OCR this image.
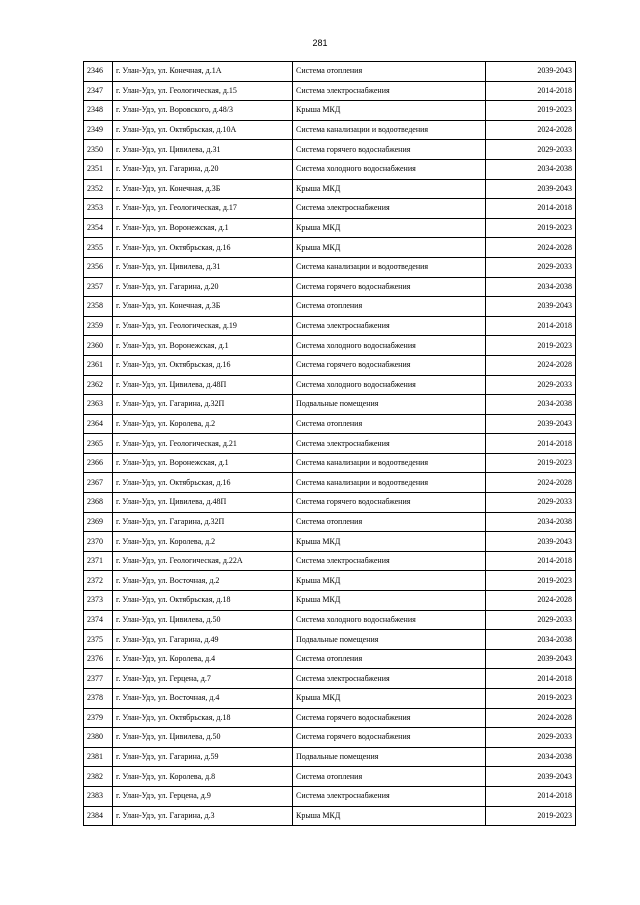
281
2346	г. Улан-Удэ, ул. Конечная, д.1А	Система отопления	2039-2043
2347	г. Улан-Удэ, ул. Геологическая, д.15	Система электроснабжения	2014-2018
2348	г. Улан-Удэ, ул. Воровского, д.48/3	Крыша МКД	2019-2023
2349	г. Улан-Удэ, ул. Октябрьская, д.10А	Система канализации и водоотведения	2024-2028
2350	г. Улан-Удэ, ул. Цивилева, д.31	Система горячего водоснабжения	2029-2033
2351	г. Улан-Удэ, ул. Гагарина, д.20	Система холодного водоснабжения	2034-2038
2352	г. Улан-Удэ, ул. Конечная, д.3Б	Крыша МКД	2039-2043
2353	г. Улан-Удэ, ул. Геологическая, д.17	Система электроснабжения	2014-2018
2354	г. Улан-Удэ, ул. Воронежская, д.1	Крыша МКД	2019-2023
2355	г. Улан-Удэ, ул. Октябрьская, д.16	Крыша МКД	2024-2028
2356	г. Улан-Удэ, ул. Цивилева, д.31	Система канализации и водоотведения	2029-2033
2357	г. Улан-Удэ, ул. Гагарина, д.20	Система горячего водоснабжения	2034-2038
2358	г. Улан-Удэ, ул. Конечная, д.3Б	Система отопления	2039-2043
2359	г. Улан-Удэ, ул. Геологическая, д.19	Система электроснабжения	2014-2018
2360	г. Улан-Удэ, ул. Воронежская, д.1	Система холодного водоснабжения	2019-2023
2361	г. Улан-Удэ, ул. Октябрьская, д.16	Система горячего водоснабжения	2024-2028
2362	г. Улан-Удэ, ул. Цивилева, д.48П	Система холодного водоснабжения	2029-2033
2363	г. Улан-Удэ, ул. Гагарина, д.32П	Подвальные помещения	2034-2038
2364	г. Улан-Удэ, ул. Королева, д.2	Система отопления	2039-2043
2365	г. Улан-Удэ, ул. Геологическая, д.21	Система электроснабжения	2014-2018
2366	г. Улан-Удэ, ул. Воронежская, д.1	Система канализации и водоотведения	2019-2023
2367	г. Улан-Удэ, ул. Октябрьская, д.16	Система канализации и водоотведения	2024-2028
2368	г. Улан-Удэ, ул. Цивилева, д.48П	Система горячего водоснабжения	2029-2033
2369	г. Улан-Удэ, ул. Гагарина, д.32П	Система отопления	2034-2038
2370	г. Улан-Удэ, ул. Королева, д.2	Крыша МКД	2039-2043
2371	г. Улан-Удэ, ул. Геологическая, д.22А	Система электроснабжения	2014-2018
2372	г. Улан-Удэ, ул. Восточная, д.2	Крыша МКД	2019-2023
2373	г. Улан-Удэ, ул. Октябрьская, д.18	Крыша МКД	2024-2028
2374	г. Улан-Удэ, ул. Цивилева, д.50	Система холодного водоснабжения	2029-2033
2375	г. Улан-Удэ, ул. Гагарина, д.49	Подвальные помещения	2034-2038
2376	г. Улан-Удэ, ул. Королева, д.4	Система отопления	2039-2043
2377	г. Улан-Удэ, ул. Герцена, д.7	Система электроснабжения	2014-2018
2378	г. Улан-Удэ, ул. Восточная, д.4	Крыша МКД	2019-2023
2379	г. Улан-Удэ, ул. Октябрьская, д.18	Система горячего водоснабжения	2024-2028
2380	г. Улан-Удэ, ул. Цивилева, д.50	Система горячего водоснабжения	2029-2033
2381	г. Улан-Удэ, ул. Гагарина, д.59	Подвальные помещения	2034-2038
2382	г. Улан-Удэ, ул. Королева, д.8	Система отопления	2039-2043
2383	г. Улан-Удэ, ул. Герцена, д.9	Система электроснабжения	2014-2018
2384	г. Улан-Удэ, ул. Гагарина, д.3	Крыша МКД	2019-2023
